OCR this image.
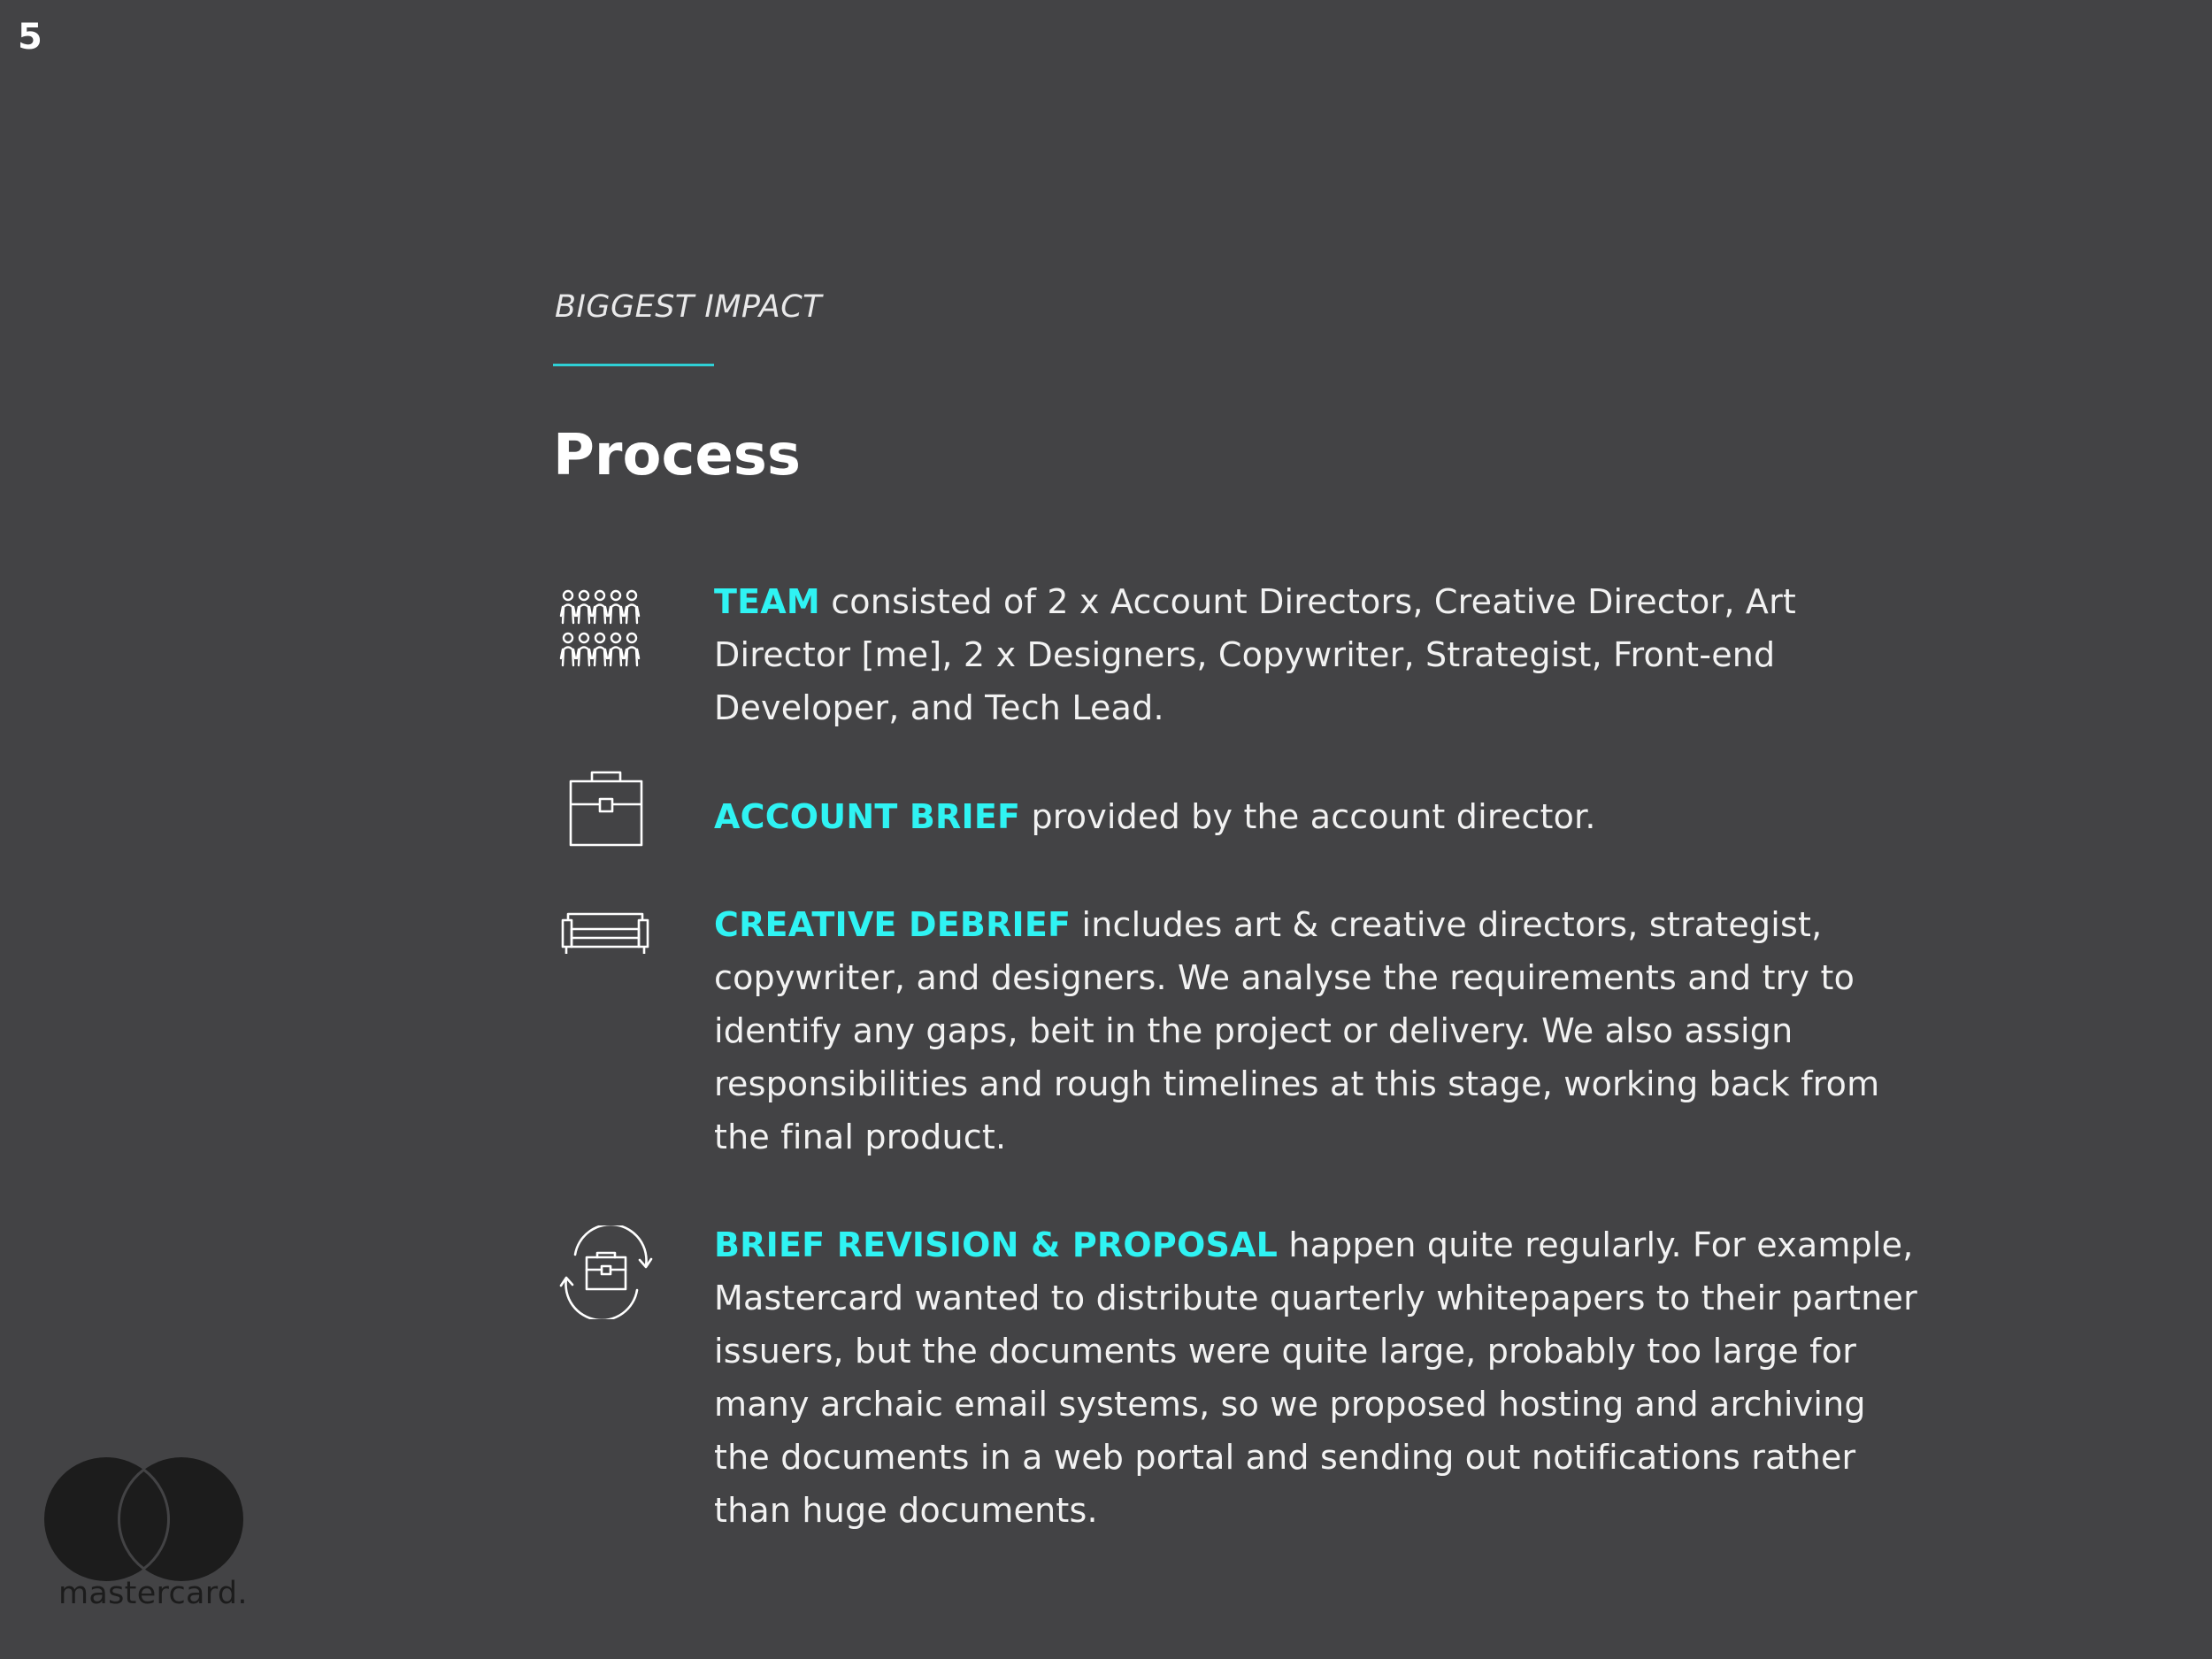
5
BIGGEST IMPACT
Process
TEAM consisted of 2 x Account Directors, Creative Director, Art Director [me], 2 x Designers, Copywriter, Strategist, Front-end Developer, and Tech Lead.
ACCOUNT BRIEF provided by the account director.
CREATIVE DEBRIEF includes art & creative directors, strategist, copywriter, and designers. We analyse the requirements and try to identify any gaps, beit in the project or delivery. We also assign responsibilities and rough timelines at this stage, working back from the final product.
BRIEF REVISION & PROPOSAL happen quite regularly. For example, Mastercard wanted to distribute quarterly whitepapers to their partner issuers, but the documents were quite large, probably too large for many archaic email systems, so we proposed hosting and archiving the documents in a web portal and sending out notifications rather than huge documents.
mastercard.
